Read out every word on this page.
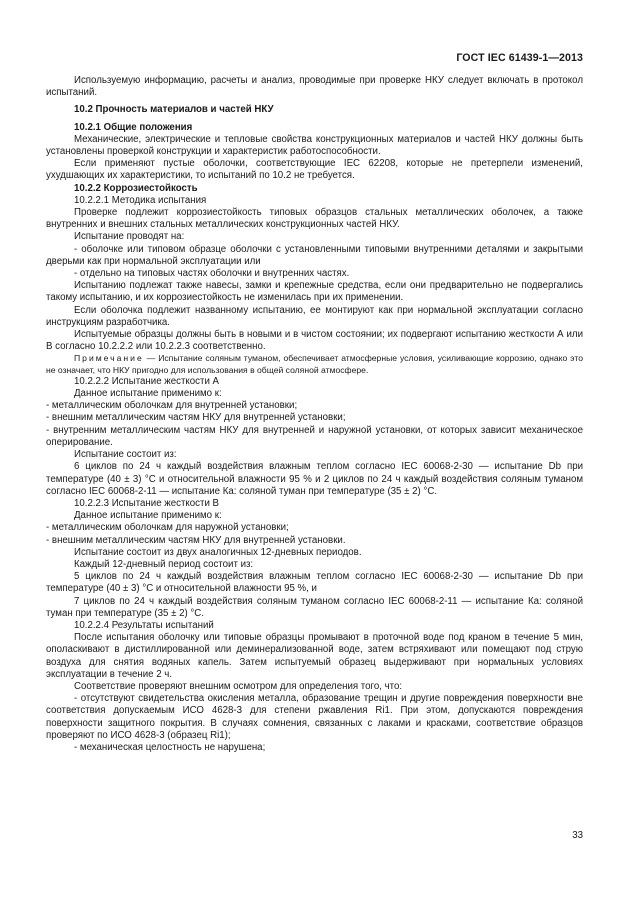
ГОСТ IEC 61439-1—2013

Используемую информацию, расчеты и анализ, проводимые при проверке НКУ следует включать в протокол испытаний.

10.2 Прочность материалов и частей НКУ

10.2.1 Общие положения

Механические, электрические и тепловые свойства конструкционных материалов и частей НКУ должны быть установлены проверкой конструкции и характеристик работоспособности.

Если применяют пустые оболочки, соответствующие IEC 62208, которые не претерпели изменений, ухудшающих их характеристики, то испытаний по 10.2 не требуется.

10.2.2 Коррозиестойкость

10.2.2.1 Методика испытания

Проверке подлежит коррозиестойкость типовых образцов стальных металлических оболочек, а также внутренних и внешних стальных металлических конструкционных частей НКУ.

Испытание проводят на:

- оболочке или типовом образце оболочки с установленными типовыми внутренними деталями и закрытыми дверьми как при нормальной эксплуатации или

- отдельно на типовых частях оболочки и внутренних частях.

Испытанию подлежат также навесы, замки и крепежные средства, если они предварительно не подвергались такому испытанию, и их коррозиестойкость не изменилась при их применении.

Если оболочка подлежит названному испытанию, ее монтируют как при нормальной эксплуатации согласно инструкциям разработчика.

Испытуемые образцы должны быть в новыми и в чистом состоянии; их подвергают испытанию жесткости А или В согласно 10.2.2.2 или 10.2.2.3 соответственно.

Примечание — Испытание соляным туманом, обеспечивает атмосферные условия, усиливающие коррозию, однако это не означает, что НКУ пригодно для использования в общей соляной атмосфере.

10.2.2.2 Испытание жесткости А

Данное испытание применимо к:

- металлическим оболочкам для внутренней установки;

- внешним металлическим частям НКУ для внутренней установки;

- внутренним металлическим частям НКУ для внутренней и наружной установки, от которых зависит механическое оперирование.

Испытание состоит из:

6 циклов по 24 ч каждый воздействия влажным теплом согласно IEC 60068-2-30 — испытание Db при температуре (40 ± 3) °С и относительной влажности 95 % и 2 циклов по 24 ч каждый воздействия соляным туманом согласно IEC 60068-2-11 — испытание Ка: соляной туман при температуре (35 ± 2) °С.

10.2.2.3 Испытание жесткости В

Данное испытание применимо к:

- металлическим оболочкам для наружной установки;

- внешним металлическим частям НКУ для внутренней установки.

Испытание состоит из двух аналогичных 12-дневных периодов.

Каждый 12-дневный период состоит из:

5 циклов по 24 ч каждый воздействия влажным теплом согласно IEC 60068-2-30 — испытание Db при температуре (40 ± 3) °С и относительной влажности 95 %, и

7 циклов по 24 ч каждый воздействия соляным туманом согласно IEC 60068-2-11 — испытание Ка: соляной туман при температуре (35 ± 2) °С.

10.2.2.4 Результаты испытаний

После испытания оболочку или типовые образцы промывают в проточной воде под краном в течение 5 мин, ополаскивают в дистиллированной или деминерализованной воде, затем встряхивают или помещают под струю воздуха для снятия водяных капель. Затем испытуемый образец выдерживают при нормальных условиях эксплуатации в течение 2 ч.

Соответствие проверяют внешним осмотром для определения того, что:

- отсутствуют свидетельства окисления металла, образование трещин и другие повреждения поверхности вне соответствия допускаемым ИСО 4628-3 для степени ржавления Ri1. При этом, допускаются повреждения поверхности защитного покрытия. В случаях сомнения, связанных с лаками и красками, соответствие образцов проверяют по ИСО 4628-3 (образец Ri1);

- механическая целостность не нарушена;

33
